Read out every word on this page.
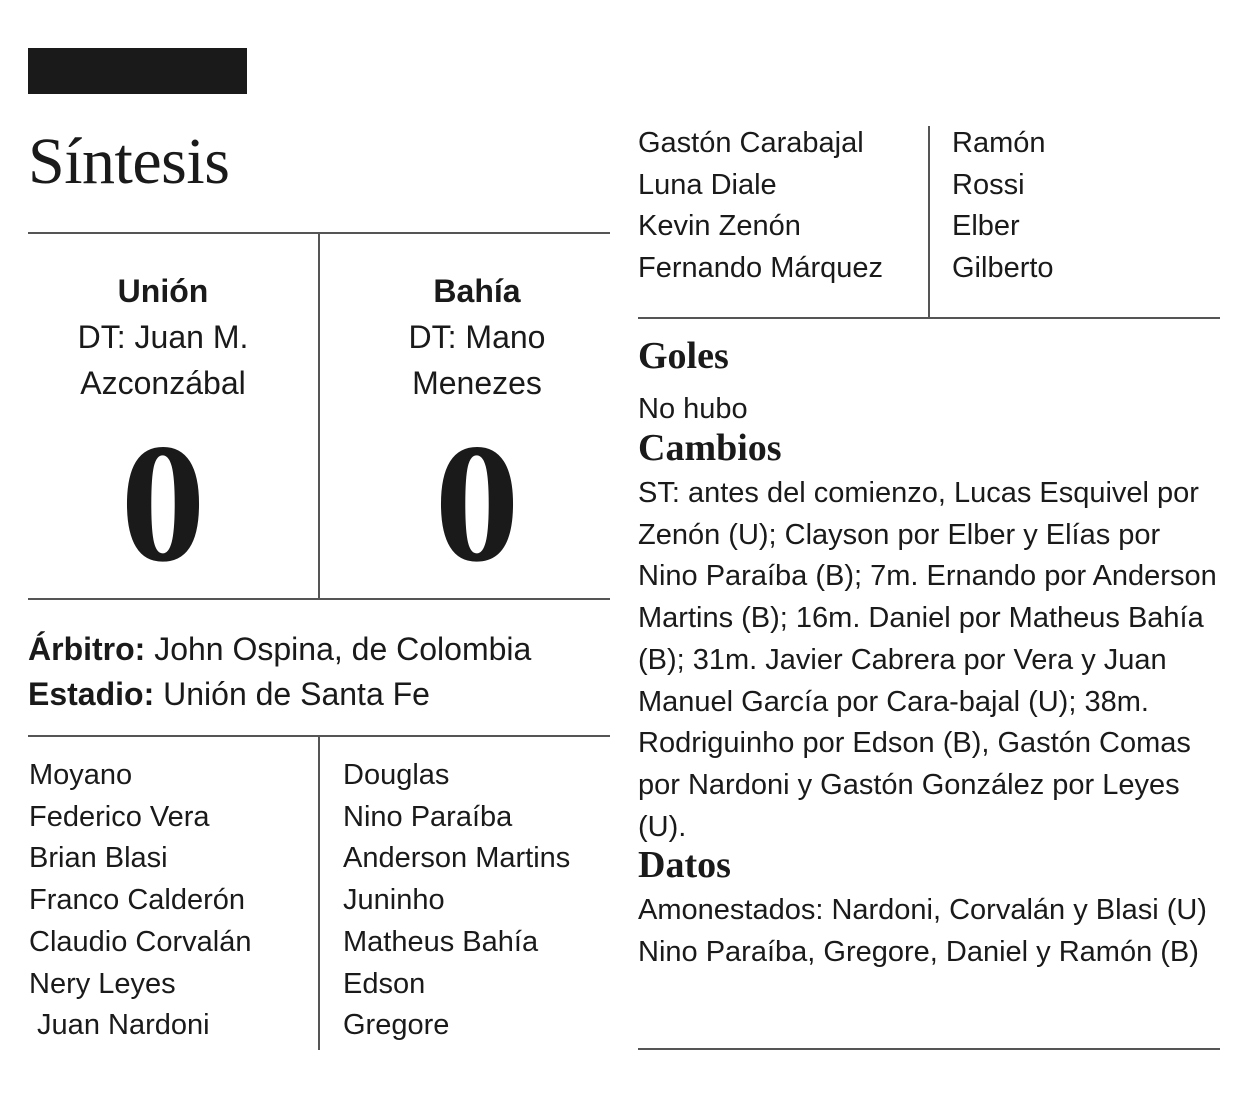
Síntesis
Unión
DT: Juan M.
Azconzábal
Bahía
DT: Mano
Menezes
0	0
Árbitro: John Ospina, de Colombia
Estadio: Unión de Santa Fe
Moyano
Federico Vera
Brian Blasi
Franco Calderón
Claudio Corvalán
Nery Leyes
Juan Nardoni
Douglas
Nino Paraíba
Anderson Martins
Juninho
Matheus Bahía
Edson
Gregore
Gastón Carabajal
Luna Diale
Kevin Zenón
Fernando Márquez
Ramón
Rossi
Elber
Gilberto
Goles
No hubo
Cambios
ST: antes del comienzo, Lucas Esquivel por Zenón (U); Clayson por Elber y Elías por Nino Paraíba (B); 7m. Ernando por Anderson Martins (B); 16m. Daniel por Matheus Bahía (B); 31m. Javier Cabrera por Vera y Juan Manuel García por Cara-bajal (U); 38m. Rodriguinho por Edson (B), Gastón Comas por Nardoni y Gastón González por Leyes (U).
Datos
Amonestados: Nardoni, Corvalán y Blasi (U) Nino Paraíba, Gregore, Daniel y Ramón (B)
